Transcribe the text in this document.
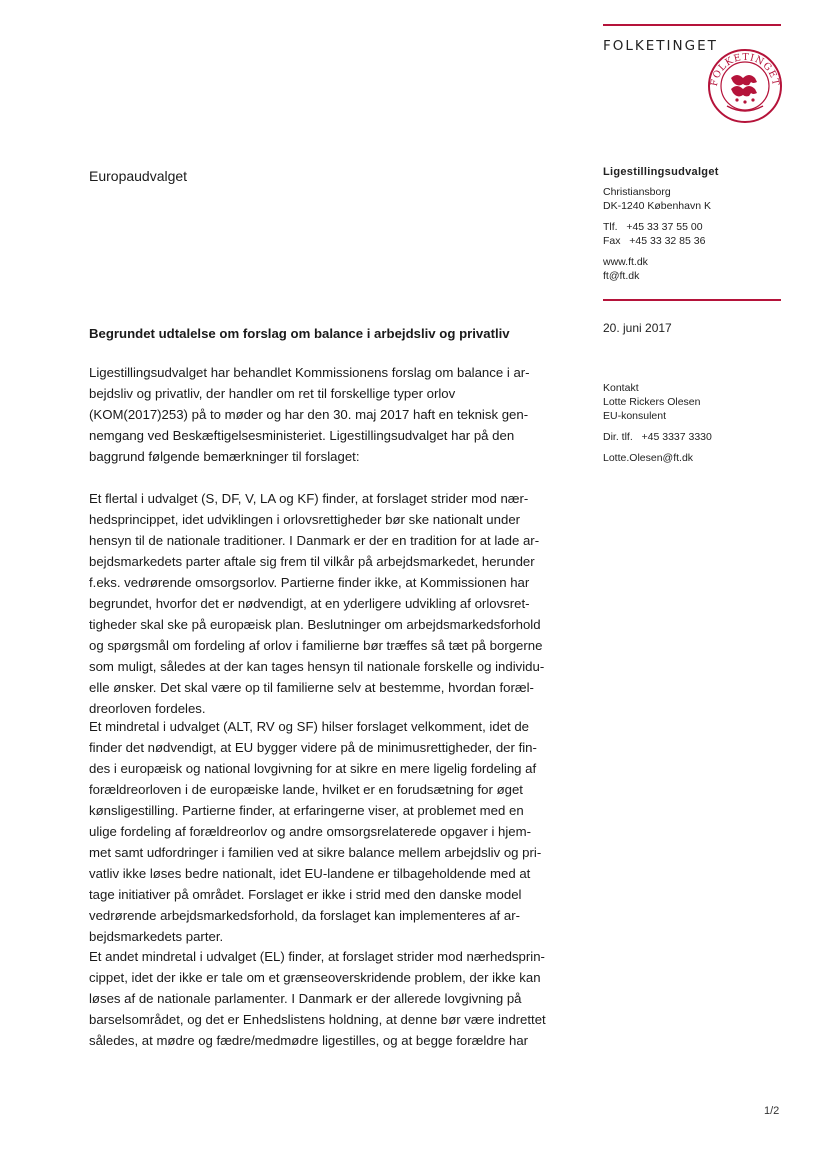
FOLKETINGET
FOLKETINGET
Europaudvalget	Ligestillingsudvalget
Christiansborg
DK-1240 København K
Tlf.   +45 33 37 55 00
Fax   +45 33 32 85 36
www.ft.dk
ft@ft.dk
20. juni 2017
Kontakt
Lotte Rickers Olesen
EU-konsulent
Dir. tlf.   +45 3337 3330
Lotte.Olesen@ft.dk
Begrundet udtalelse om forslag om balance i arbejdsliv og privatliv

Ligestillingsudvalget har behandlet Kommissionens forslag om balance i ar-
bejdsliv og privatliv, der handler om ret til forskellige typer orlov
(KOM(2017)253) på to møder og har den 30. maj 2017 haft en teknisk gen-
nemgang ved Beskæftigelsesministeriet. Ligestillingsudvalget har på den
baggrund følgende bemærkninger til forslaget:

Et flertal i udvalget (S, DF, V, LA og KF) finder, at forslaget strider mod nær-
hedsprincippet, idet udviklingen i orlovsrettigheder bør ske nationalt under
hensyn til de nationale traditioner. I Danmark er der en tradition for at lade ar-
bejdsmarkedets parter aftale sig frem til vilkår på arbejdsmarkedet, herunder
f.eks. vedrørende omsorgsorlov. Partierne finder ikke, at Kommissionen har
begrundet, hvorfor det er nødvendigt, at en yderligere udvikling af orlovsret-
tigheder skal ske på europæisk plan. Beslutninger om arbejdsmarkedsforhold
og spørgsmål om fordeling af orlov i familierne bør træffes så tæt på borgerne
som muligt, således at der kan tages hensyn til nationale forskelle og individu-
elle ønsker. Det skal være op til familierne selv at bestemme, hvordan foræl-
dreorloven fordeles.

Et mindretal i udvalget (ALT, RV og SF) hilser forslaget velkomment, idet de
finder det nødvendigt, at EU bygger videre på de minimusrettigheder, der fin-
des i europæisk og national lovgivning for at sikre en mere ligelig fordeling af
forældreorloven i de europæiske lande, hvilket er en forudsætning for øget
kønsligestilling. Partierne finder, at erfaringerne viser, at problemet med en
ulige fordeling af forældreorlov og andre omsorgsrelaterede opgaver i hjem-
met samt udfordringer i familien ved at sikre balance mellem arbejdsliv og pri-
vatliv ikke løses bedre nationalt, idet EU-landene er tilbageholdende med at
tage initiativer på området. Forslaget er ikke i strid med den danske model
vedrørende arbejdsmarkedsforhold, da forslaget kan implementeres af ar-
bejdsmarkedets parter.

Et andet mindretal i udvalget (EL) finder, at forslaget strider mod nærhedsprin-
cippet, idet der ikke er tale om et grænseoverskridende problem, der ikke kan
løses af de nationale parlamenter. I Danmark er der allerede lovgivning på
barselsområdet, og det er Enhedslistens holdning, at denne bør være indrettet
således, at mødre og fædre/medmødre ligestilles, og at begge forældre har

1/2
